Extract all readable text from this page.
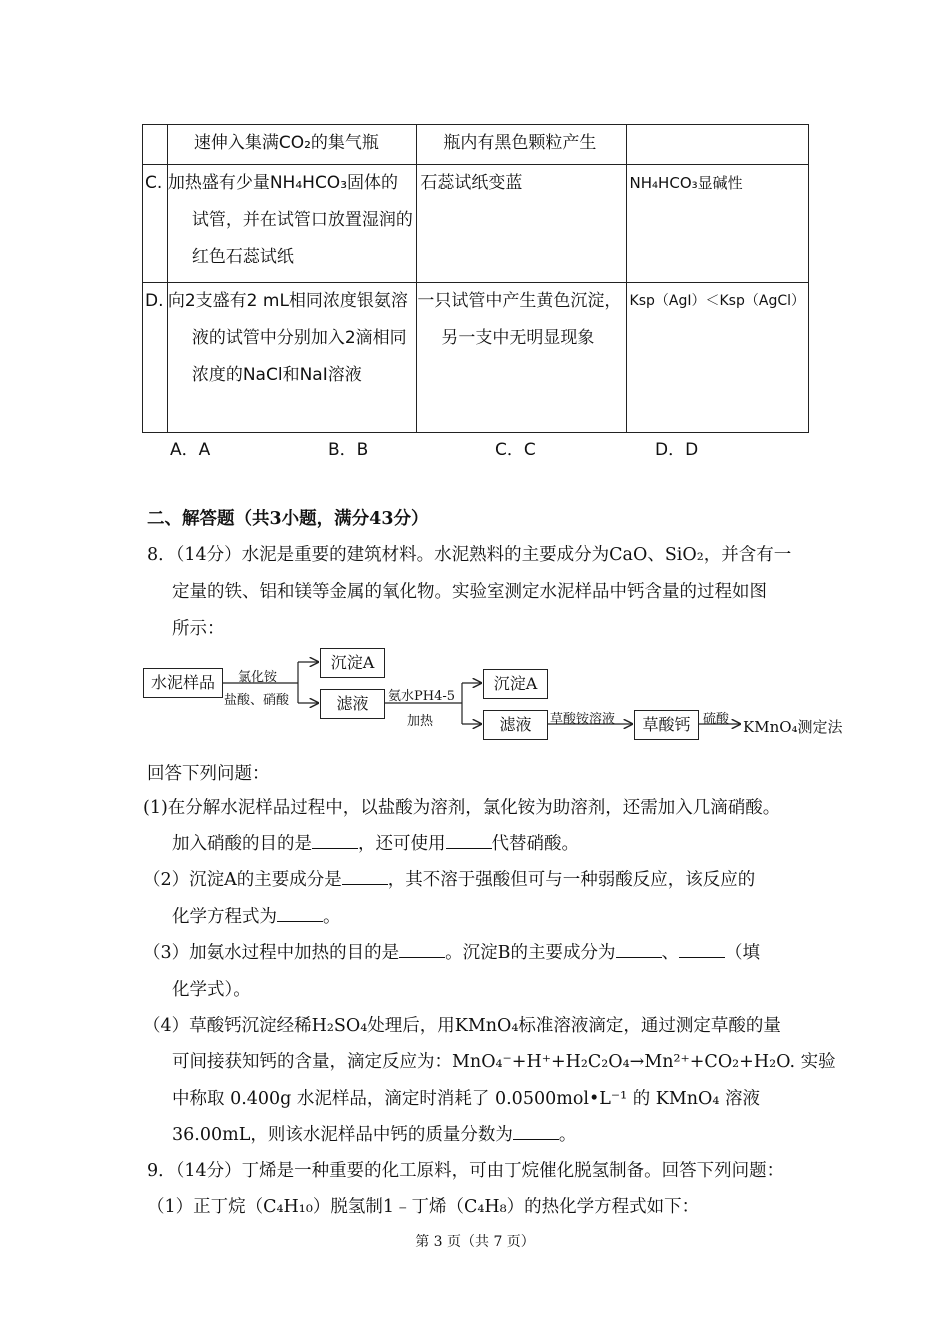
	速伸入集满CO₂的集气瓶	瓶内有黑色颗粒产生	
C.	加热盛有少量NH₄HCO₃固体的试管，并在试管口放置湿润的红色石蕊试纸	石蕊试纸变蓝	NH₄HCO₃显碱性
D.	向2支盛有2 mL相同浓度银氨溶液的试管中分别加入2滴相同浓度的NaCl和NaI溶液	一只试管中产生黄色沉淀，另一支中无明显现象	Ksp（AgI）＜Ksp（AgCl）
A．A	B．B	C．C	D．D
二、解答题（共3小题，满分43分）
8．（14分）水泥是重要的建筑材料。水泥熟料的主要成分为CaO、SiO₂，并含有一
定量的铁、铝和镁等金属的氧化物。实验室测定水泥样品中钙含量的过程如图
所示：
水泥样品	氯化铵
盐酸、硝酸
沉淀A
滤液	氨水PH4-5
加热
沉淀A
滤液	草酸铵溶液	草酸钙 硫酸 KMnO₄测定法
回答下列问题：
(1)在分解水泥样品过程中，以盐酸为溶剂，氯化铵为助溶剂，还需加入几滴硝酸。
加入硝酸的目的是	，还可使用	代替硝酸。
（2）沉淀A的主要成分是	，其不溶于强酸但可与一种弱酸反应，该反应的
化学方程式为	。
（3）加氨水过程中加热的目的是	。沉淀B的主要成分为	、	（填
化学式）。
（4）草酸钙沉淀经稀H₂SO₄处理后，用KMnO₄标准溶液滴定，通过测定草酸的量
可间接获知钙的含量，滴定反应为：MnO₄⁻+H⁺+H₂C₂O₄→Mn²⁺+CO₂+H₂O. 实验
中称取 0.400g 水泥样品，滴定时消耗了 0.0500mol•L⁻¹ 的 KMnO₄ 溶液
36.00mL，则该水泥样品中钙的质量分数为	。
9．（14分）丁烯是一种重要的化工原料，可由丁烷催化脱氢制备。回答下列问题：
（1）正丁烷（C₄H₁₀）脱氢制1﹣丁烯（C₄H₈）的热化学方程式如下：
第 3 页（共 7 页）
